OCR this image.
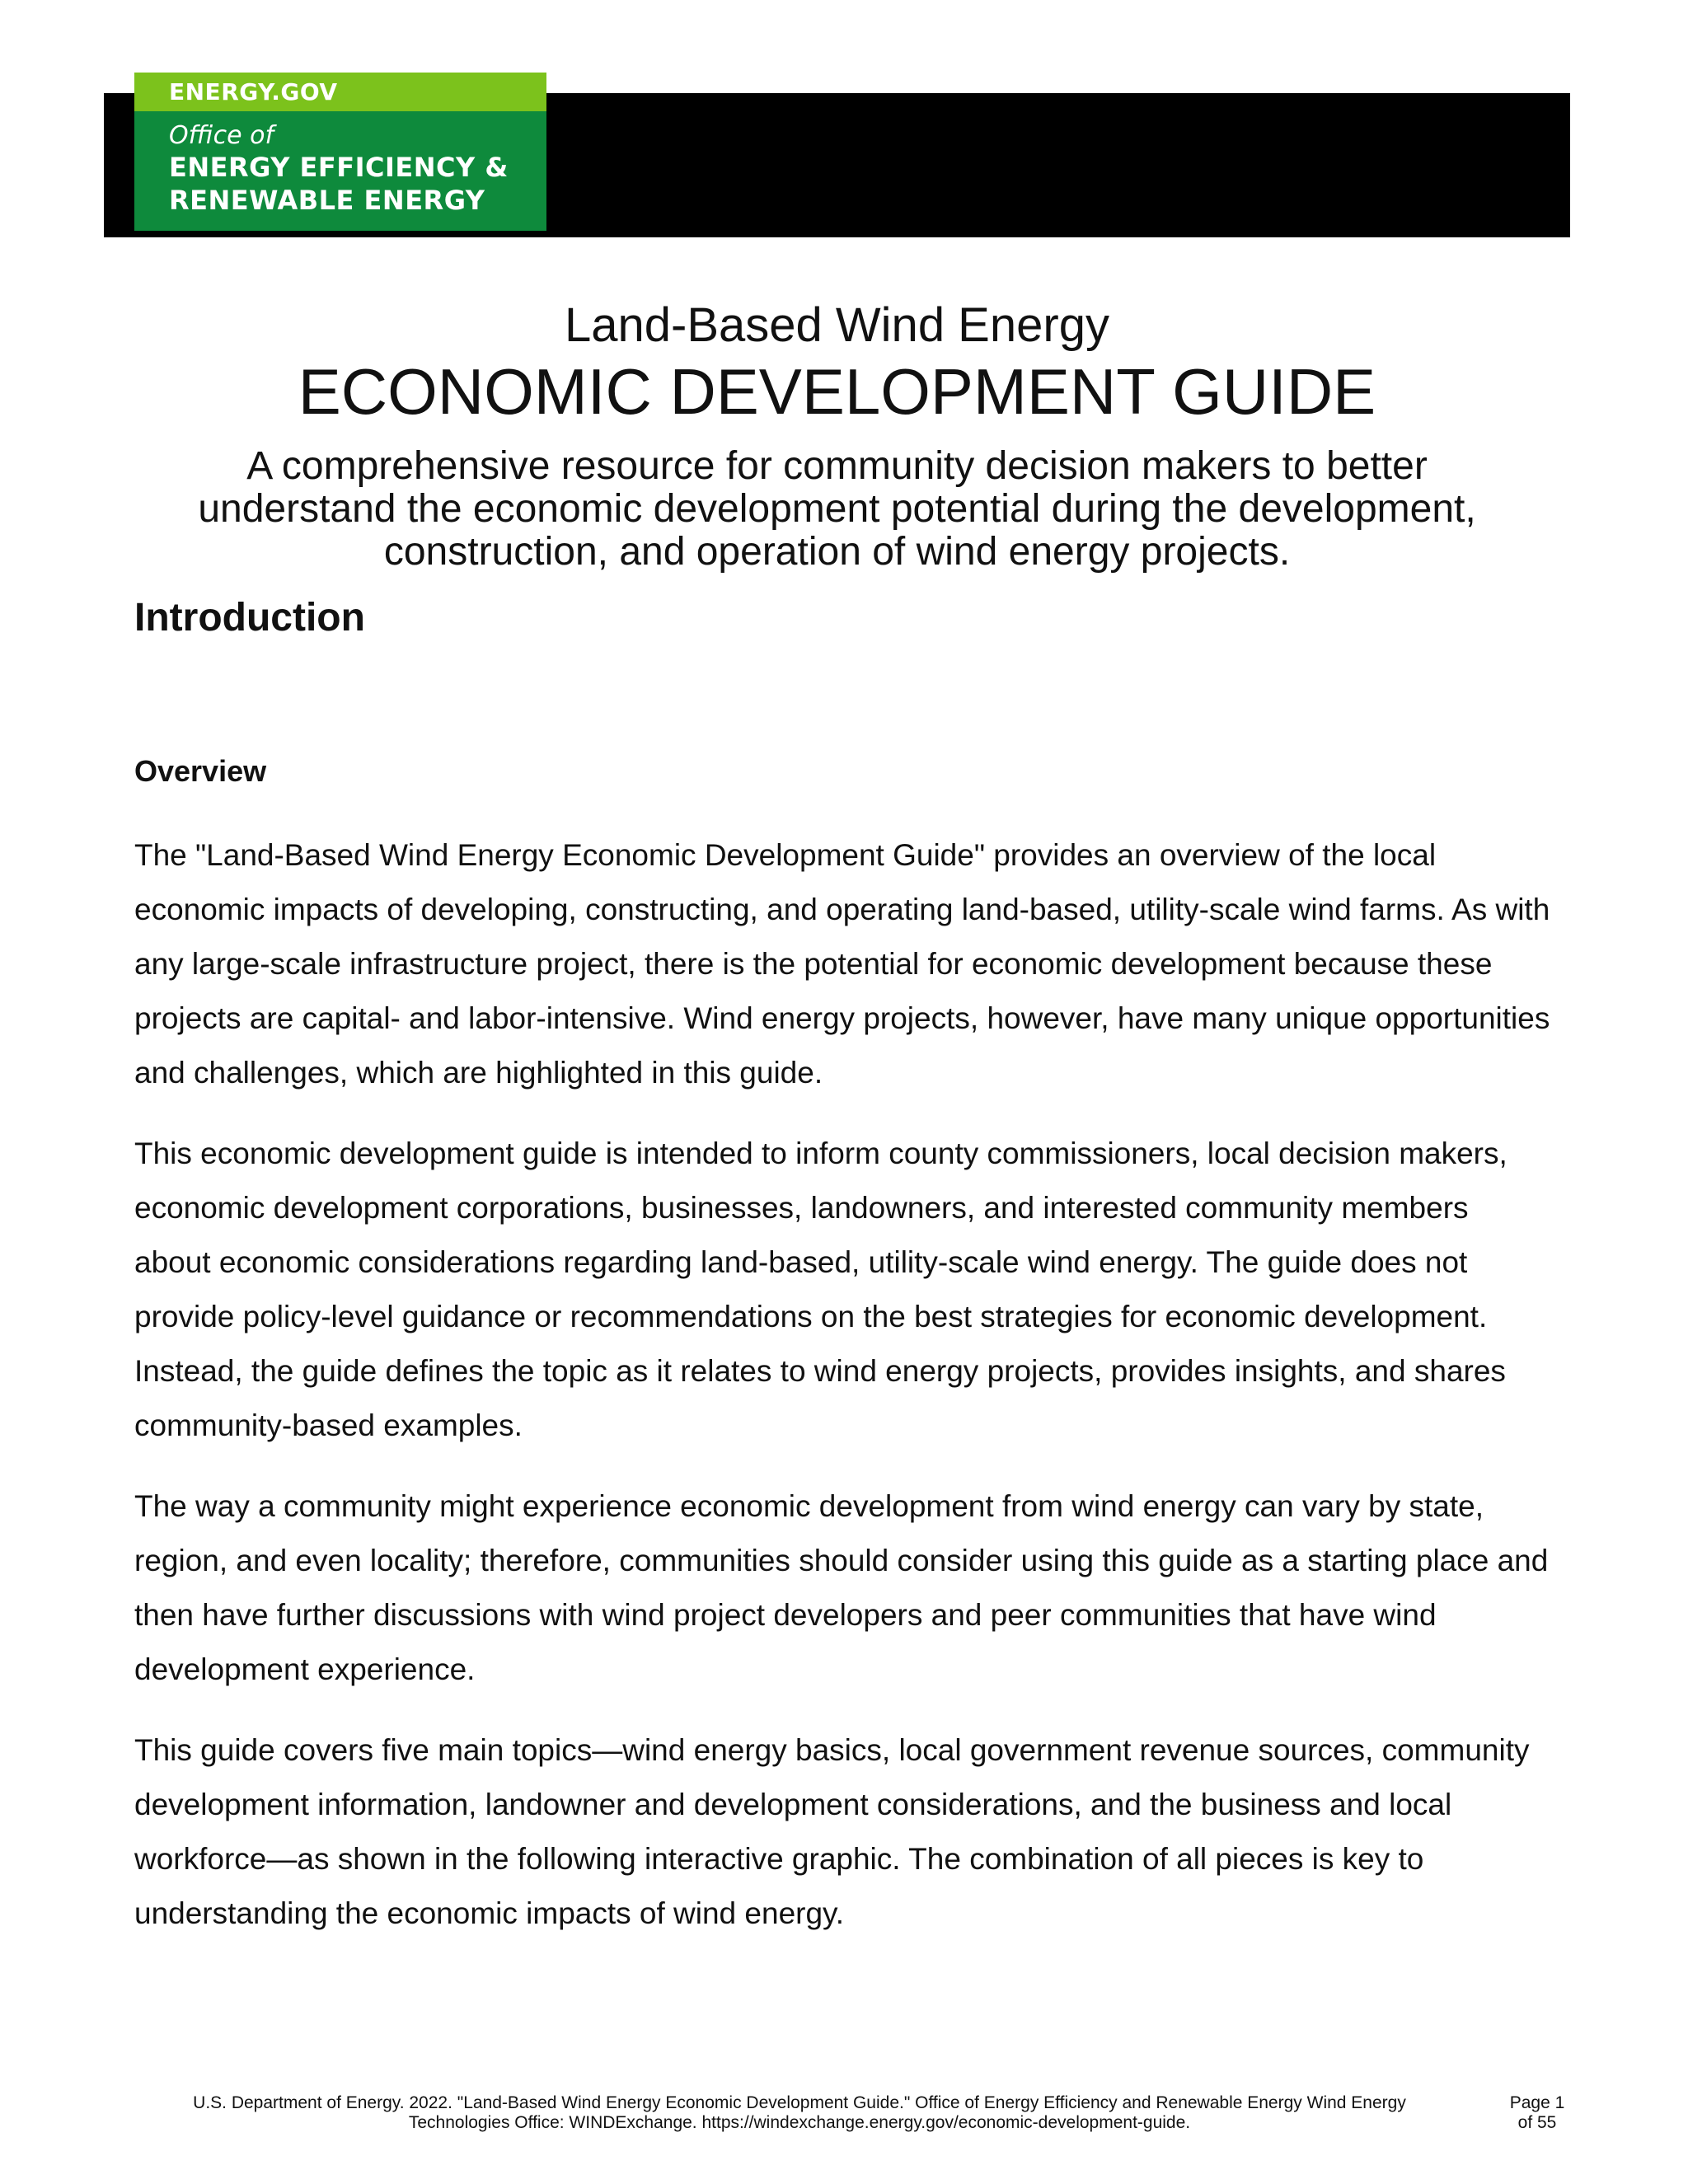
ENERGY.GOV
Office of
ENERGY EFFICIENCY &
RENEWABLE ENERGY
Land-Based Wind Energy
ECONOMIC DEVELOPMENT GUIDE
A comprehensive resource for community decision makers to better
understand the economic development potential during the development,
construction, and operation of wind energy projects.
Introduction
Overview

The "Land-Based Wind Energy Economic Development Guide" provides an overview of the local economic impacts of developing, constructing, and operating land-based, utility-scale wind farms. As with any large-scale infrastructure project, there is the potential for economic development because these projects are capital- and labor-intensive. Wind energy projects, however, have many unique opportunities and challenges, which are highlighted in this guide.

This economic development guide is intended to inform county commissioners, local decision makers, economic development corporations, businesses, landowners, and interested community members about economic considerations regarding land-based, utility-scale wind energy. The guide does not provide policy-level guidance or recommendations on the best strategies for economic development. Instead, the guide defines the topic as it relates to wind energy projects, provides insights, and shares community-based examples.

The way a community might experience economic development from wind energy can vary by state, region, and even locality; therefore, communities should consider using this guide as a starting place and then have further discussions with wind project developers and peer communities that have wind development experience.

This guide covers five main topics—wind energy basics, local government revenue sources, community development information, landowner and development considerations, and the business and local workforce—as shown in the following interactive graphic. The combination of all pieces is key to understanding the economic impacts of wind energy.

U.S. Department of Energy. 2022. "Land-Based Wind Energy Economic Development Guide." Office of Energy Efficiency and Renewable Energy Wind Energy
Technologies Office: WINDExchange. https://windexchange.energy.gov/economic-development-guide.
Page 1
of 55
